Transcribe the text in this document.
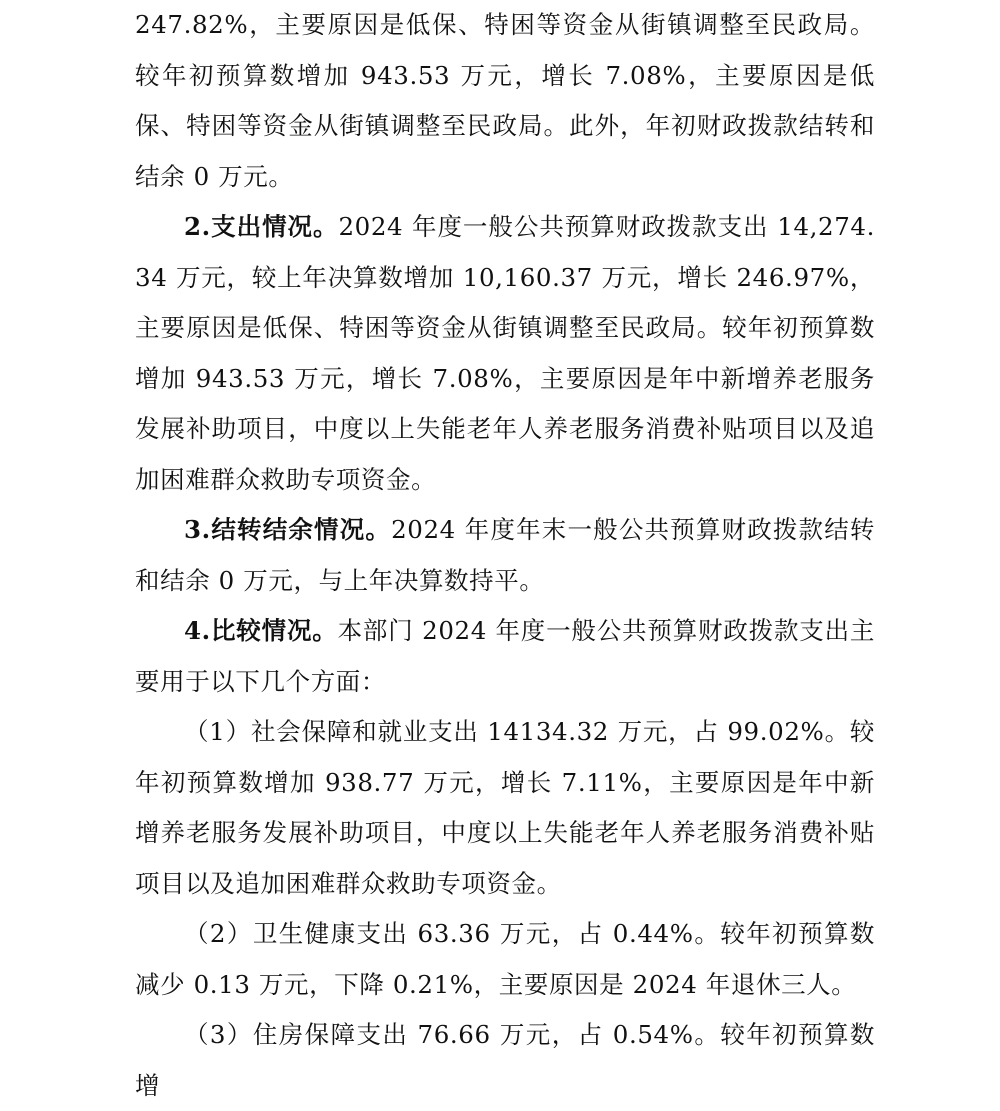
247.82%，主要原因是低保、特困等资金从街镇调整至民政局。较年初预算数增加 943.53 万元，增长 7.08%，主要原因是低保、特困等资金从街镇调整至民政局。此外，年初财政拨款结转和结余 0 万元。

2.支出情况。2024 年度一般公共预算财政拨款支出 14,274.34 万元，较上年决算数增加 10,160.37 万元，增长 246.97%，主要原因是低保、特困等资金从街镇调整至民政局。较年初预算数增加 943.53 万元，增长 7.08%，主要原因是年中新增养老服务发展补助项目，中度以上失能老年人养老服务消费补贴项目以及追加困难群众救助专项资金。

3.结转结余情况。2024 年度年末一般公共预算财政拨款结转和结余 0 万元，与上年决算数持平。

4.比较情况。本部门 2024 年度一般公共预算财政拨款支出主要用于以下几个方面：

（1）社会保障和就业支出 14134.32 万元，占 99.02%。较年初预算数增加 938.77 万元，增长 7.11%，主要原因是年中新增养老服务发展补助项目，中度以上失能老年人养老服务消费补贴项目以及追加困难群众救助专项资金。

（2）卫生健康支出 63.36 万元，占 0.44%。较年初预算数减少 0.13 万元，下降 0.21%，主要原因是 2024 年退休三人。

（3）住房保障支出 76.66 万元，占 0.54%。较年初预算数增
